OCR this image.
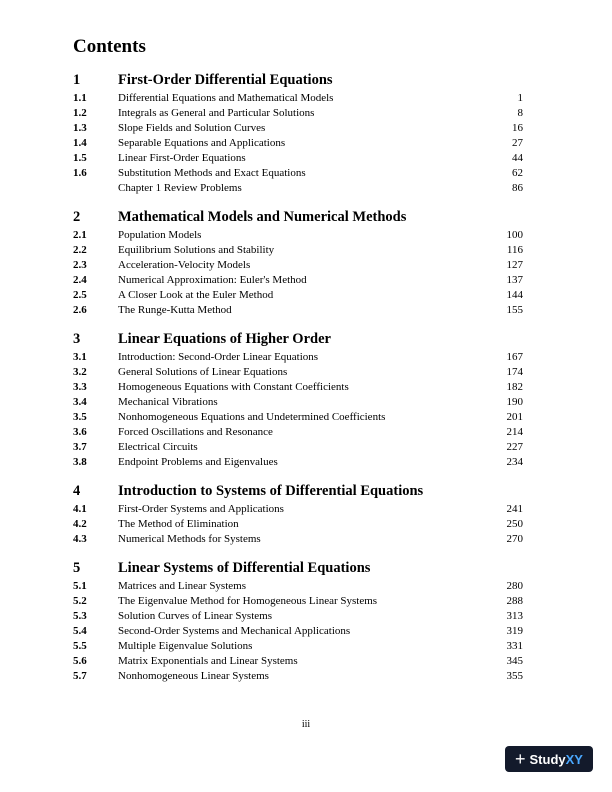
Contents
1	First-Order Differential Equations
1.1	Differential Equations and Mathematical Models	1
1.2	Integrals as General and Particular Solutions	8
1.3	Slope Fields and Solution Curves	16
1.4	Separable Equations and Applications	27
1.5	Linear First-Order Equations	44
1.6	Substitution Methods and Exact Equations	62
Chapter 1 Review Problems	86
2	Mathematical Models and Numerical Methods
2.1	Population Models	100
2.2	Equilibrium Solutions and Stability	116
2.3	Acceleration-Velocity Models	127
2.4	Numerical Approximation: Euler's Method	137
2.5	A Closer Look at the Euler Method	144
2.6	The Runge-Kutta Method	155
3	Linear Equations of Higher Order
3.1	Introduction: Second-Order Linear Equations	167
3.2	General Solutions of Linear Equations	174
3.3	Homogeneous Equations with Constant Coefficients	182
3.4	Mechanical Vibrations	190
3.5	Nonhomogeneous Equations and Undetermined Coefficients	201
3.6	Forced Oscillations and Resonance	214
3.7	Electrical Circuits	227
3.8	Endpoint Problems and Eigenvalues	234
4	Introduction to Systems of Differential Equations
4.1	First-Order Systems and Applications	241
4.2	The Method of Elimination	250
4.3	Numerical Methods for Systems	270
5	Linear Systems of Differential Equations
5.1	Matrices and Linear Systems	280
5.2	The Eigenvalue Method for Homogeneous Linear Systems	288
5.3	Solution Curves of Linear Systems	313
5.4	Second-Order Systems and Mechanical Applications	319
5.5	Multiple Eigenvalue Solutions	331
5.6	Matrix Exponentials and Linear Systems	345
5.7	Nonhomogeneous Linear Systems	355
iii
+ Study XY
